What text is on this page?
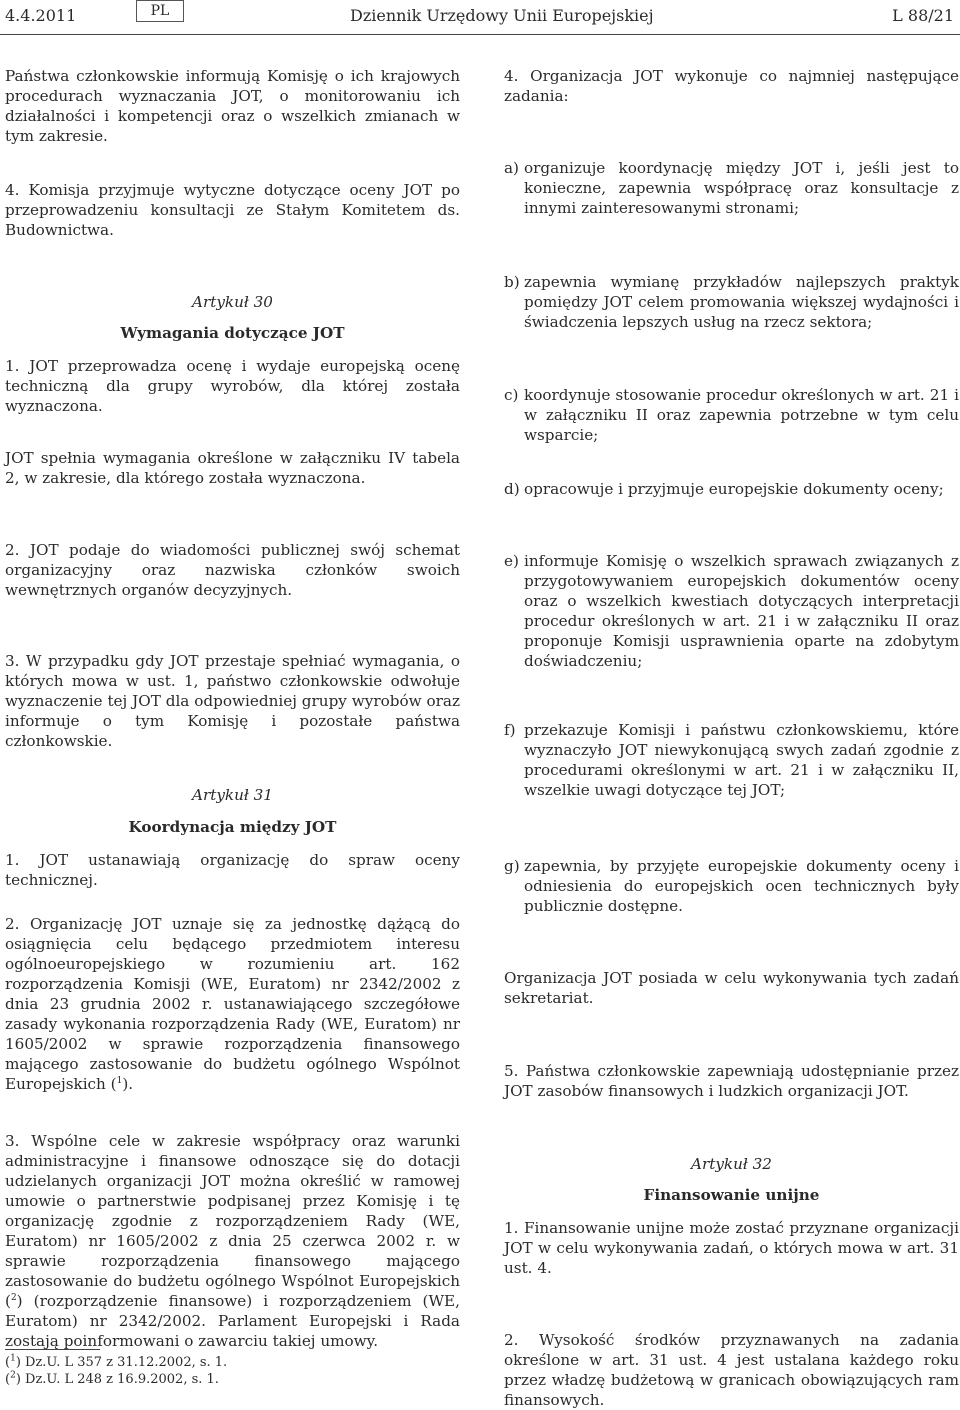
4.4.2011	PL	Dziennik Urzędowy Unii Europejskiej	L 88/21

Państwa członkowskie informują Komisję o ich krajowych procedurach wyznaczania JOT, o monitorowaniu ich działalności i kompetencji oraz o wszelkich zmianach w tym zakresie.

4. Komisja przyjmuje wytyczne dotyczące oceny JOT po przeprowadzeniu konsultacji ze Stałym Komitetem ds. Budownictwa.

Artykuł 30

Wymagania dotyczące JOT

1. JOT przeprowadza ocenę i wydaje europejską ocenę techniczną dla grupy wyrobów, dla której została wyznaczona.

JOT spełnia wymagania określone w załączniku IV tabela 2, w zakresie, dla którego została wyznaczona.

2. JOT podaje do wiadomości publicznej swój schemat organizacyjny oraz nazwiska członków swoich wewnętrznych organów decyzyjnych.

3. W przypadku gdy JOT przestaje spełniać wymagania, o których mowa w ust. 1, państwo członkowskie odwołuje wyznaczenie tej JOT dla odpowiedniej grupy wyrobów oraz informuje o tym Komisję i pozostałe państwa członkowskie.

Artykuł 31

Koordynacja między JOT

1. JOT ustanawiają organizację do spraw oceny technicznej.

2. Organizację JOT uznaje się za jednostkę dążącą do osiągnięcia celu będącego przedmiotem interesu ogólnoeuropejskiego w rozumieniu art. 162 rozporządzenia Komisji (WE, Euratom) nr 2342/2002 z dnia 23 grudnia 2002 r. ustanawiającego szczegółowe zasady wykonania rozporządzenia Rady (WE, Euratom) nr 1605/2002 w sprawie rozporządzenia finansowego mającego zastosowanie do budżetu ogólnego Wspólnot Europejskich ($^1$).

3. Wspólne cele w zakresie współpracy oraz warunki administracyjne i finansowe odnoszące się do dotacji udzielanych organizacji JOT można określić w ramowej umowie o partnerstwie podpisanej przez Komisję i tę organizację zgodnie z rozporządzeniem Rady (WE, Euratom) nr 1605/2002 z dnia 25 czerwca 2002 r. w sprawie rozporządzenia finansowego mającego zastosowanie do budżetu ogólnego Wspólnot Europejskich ($^2$) (rozporządzenie finansowe) i rozporządzeniem (WE, Euratom) nr 2342/2002. Parlament Europejski i Rada zostają poinformowani o zawarciu takiej umowy.

($^1$) Dz.U. L 357 z 31.12.2002, s. 1.

($^2$) Dz.U. L 248 z 16.9.2002, s. 1.

4. Organizacja JOT wykonuje co najmniej następujące zadania:

a) organizuje koordynację między JOT i, jeśli jest to konieczne, zapewnia współpracę oraz konsultacje z innymi zainteresowanymi stronami;

b) zapewnia wymianę przykładów najlepszych praktyk pomiędzy JOT celem promowania większej wydajności i świadczenia lepszych usług na rzecz sektora;

c) koordynuje stosowanie procedur określonych w art. 21 i w załączniku II oraz zapewnia potrzebne w tym celu wsparcie;

d) opracowuje i przyjmuje europejskie dokumenty oceny;

e) informuje Komisję o wszelkich sprawach związanych z przygotowywaniem europejskich dokumentów oceny oraz o wszelkich kwestiach dotyczących interpretacji procedur określonych w art. 21 i w załączniku II oraz proponuje Komisji usprawnienia oparte na zdobytym doświadczeniu;

f) przekazuje Komisji i państwu członkowskiemu, które wyznaczyło JOT niewykonującą swych zadań zgodnie z procedurami określonymi w art. 21 i w załączniku II, wszelkie uwagi dotyczące tej JOT;

g) zapewnia, by przyjęte europejskie dokumenty oceny i odniesienia do europejskich ocen technicznych były publicznie dostępne.

Organizacja JOT posiada w celu wykonywania tych zadań sekretariat.

5. Państwa członkowskie zapewniają udostępnianie przez JOT zasobów finansowych i ludzkich organizacji JOT.

Artykuł 32

Finansowanie unijne

1. Finansowanie unijne może zostać przyznane organizacji JOT w celu wykonywania zadań, o których mowa w art. 31 ust. 4.

2. Wysokość środków przyznawanych na zadania określone w art. 31 ust. 4 jest ustalana każdego roku przez władzę budżetową w granicach obowiązujących ram finansowych.
